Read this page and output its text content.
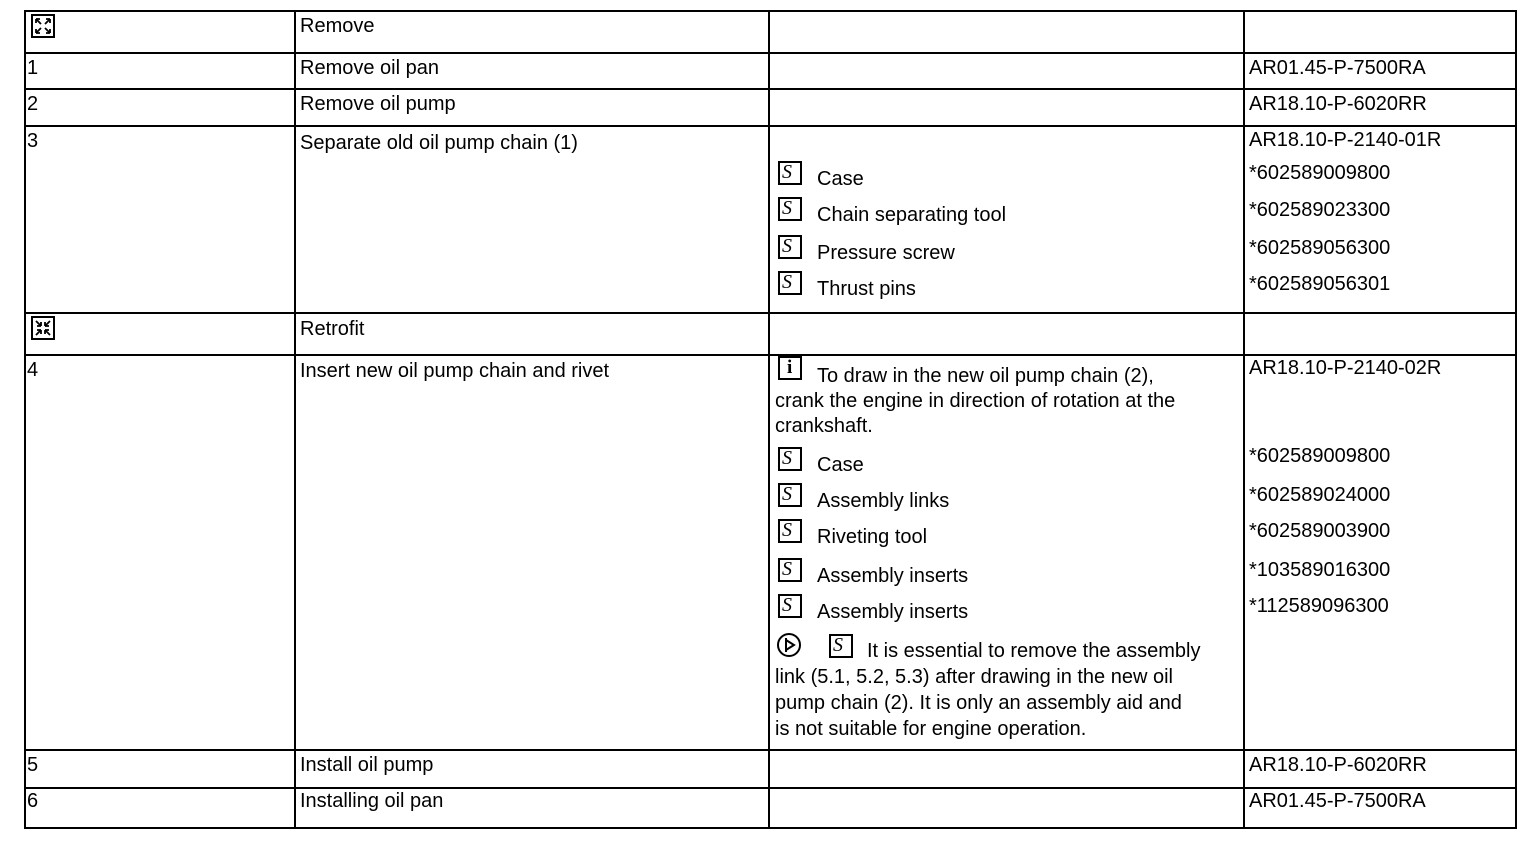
Remove
1	Remove oil pan	AR01.45-P-7500RA
2	Remove oil pump	AR18.10-P-6020RR
3	Separate old oil pump chain (1)	AR18.10-P-2140-01R
S Case	*602589009800
S Chain separating tool	*602589023300
S Pressure screw	*602589056300
S Thrust pins	*602589056301
Retrofit
4	Insert new oil pump chain and rivet	AR18.10-P-2140-02R
i To draw in the new oil pump chain (2),
crank the engine in direction of rotation at the
crankshaft.
S Case	*602589009800
S Assembly links	*602589024000
S Riveting tool	*602589003900
S Assembly inserts	*103589016300
S Assembly inserts	*112589096300
S It is essential to remove the assembly
link (5.1, 5.2, 5.3) after drawing in the new oil
pump chain (2). It is only an assembly aid and
is not suitable for engine operation.
5	Install oil pump	AR18.10-P-6020RR
6	Installing oil pan	AR01.45-P-7500RA
